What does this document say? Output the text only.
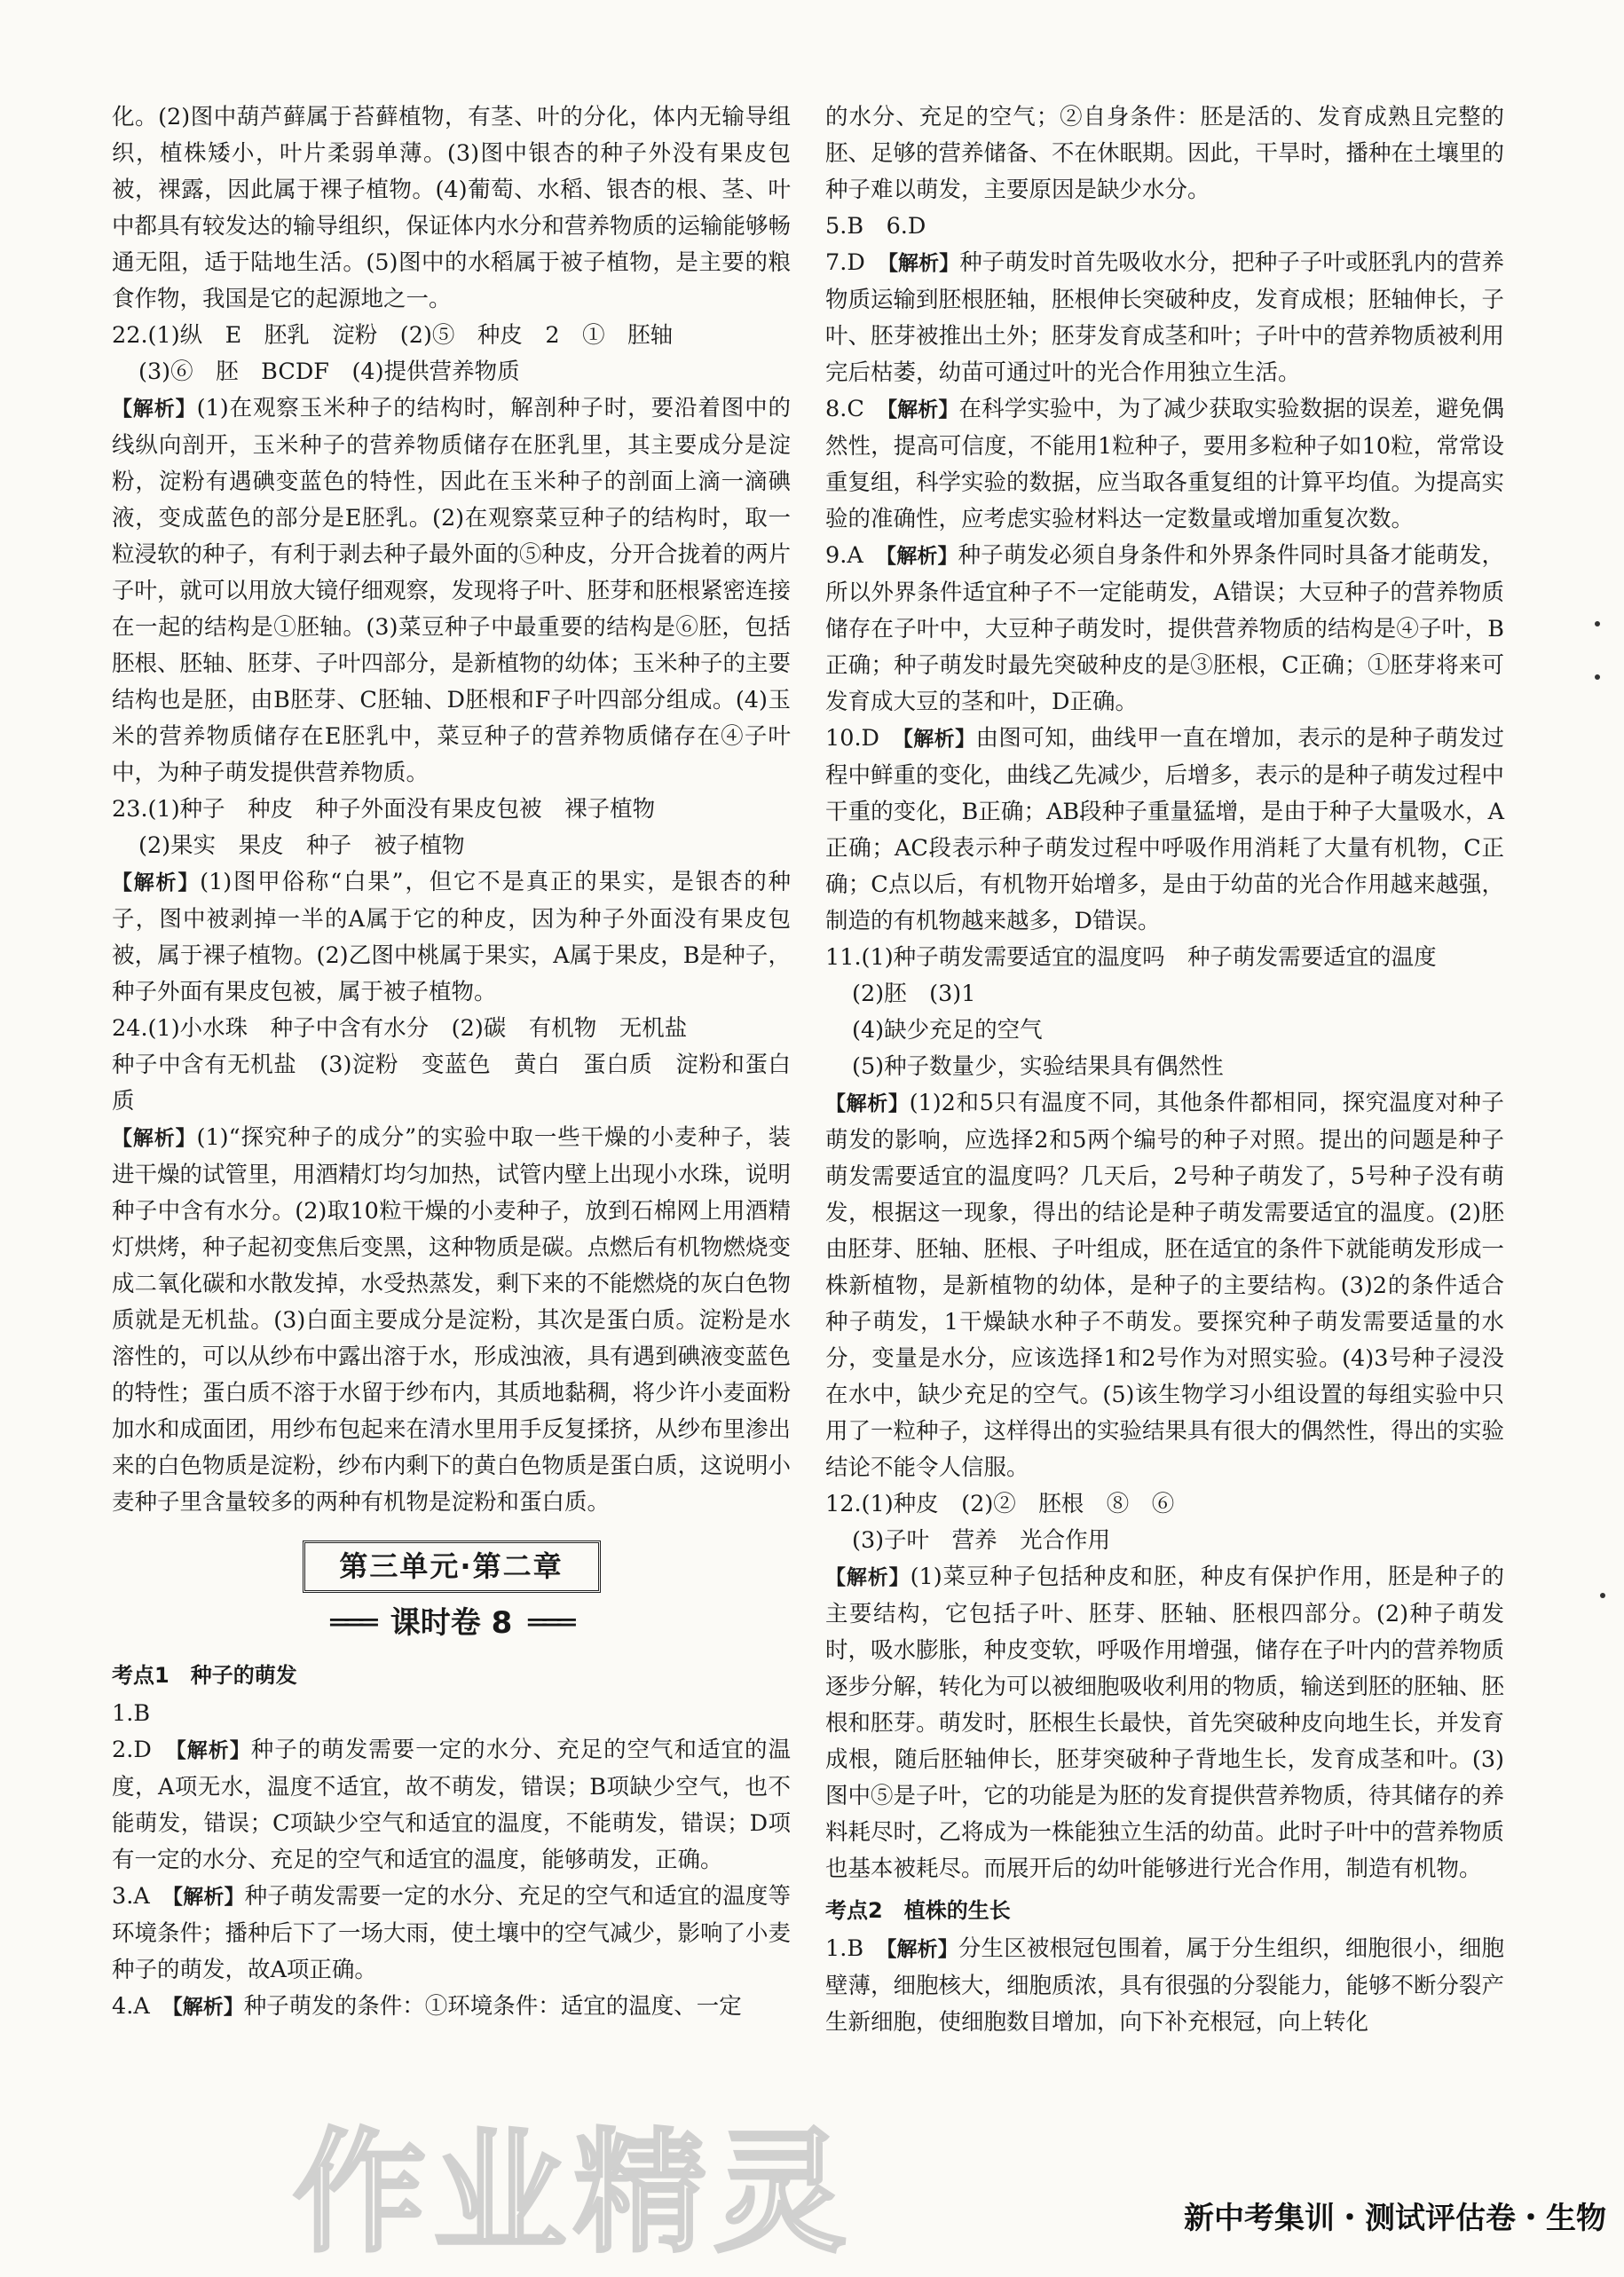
化。(2)图中葫芦藓属于苔藓植物，有茎、叶的分化，体内无输导组织，植株矮小，叶片柔弱单薄。(3)图中银杏的种子外没有果皮包被，裸露，因此属于裸子植物。(4)葡萄、水稻、银杏的根、茎、叶中都具有较发达的输导组织，保证体内水分和营养物质的运输能够畅通无阻，适于陆地生活。(5)图中的水稻属于被子植物，是主要的粮食作物，我国是它的起源地之一。

22.(1)纵　E　胚乳　淀粉　(2)⑤　种皮　2　①　胚轴

(3)⑥　胚　BCDF　(4)提供营养物质

【 解析 】 (1)在观察玉米种子的结构时，解剖种子时，要沿着图中的线纵向剖开，玉米种子的营养物质储存在胚乳里，其主要成分是淀粉，淀粉有遇碘变蓝色的特性，因此在玉米种子的剖面上滴一滴碘液，变成蓝色的部分是E胚乳。(2)在观察菜豆种子的结构时，取一粒浸软的种子，有利于剥去种子最外面的⑤种皮，分开合拢着的两片子叶，就可以用放大镜仔细观察，发现将子叶、胚芽和胚根紧密连接在一起的结构是①胚轴。(3)菜豆种子中最重要的结构是⑥胚，包括胚根、胚轴、胚芽、子叶四部分，是新植物的幼体；玉米种子的主要结构也是胚，由B胚芽、C胚轴、D胚根和F子叶四部分组成。(4)玉米的营养物质储存在E胚乳中，菜豆种子的营养物质储存在④子叶中，为种子萌发提供营养物质。

23.(1)种子　种皮　种子外面没有果皮包被　裸子植物

(2)果实　果皮　种子　被子植物

【 解析 】 (1)图甲俗称“白果”，但它不是真正的果实，是银杏的种子，图中被剥掉一半的A属于它的种皮，因为种子外面没有果皮包被，属于裸子植物。(2)乙图中桃属于果实，A属于果皮，B是种子，种子外面有果皮包被，属于被子植物。

24.(1)小水珠　种子中含有水分　(2)碳　有机物　无机盐

种子中含有无机盐　(3)淀粉　变蓝色　黄白　蛋白质　淀粉和蛋白质

【 解析 】 (1)“探究种子的成分”的实验中取一些干燥的小麦种子，装进干燥的试管里，用酒精灯均匀加热，试管内壁上出现小水珠，说明种子中含有水分。(2)取10粒干燥的小麦种子，放到石棉网上用酒精灯烘烤，种子起初变焦后变黑，这种物质是碳。点燃后有机物燃烧变成二氧化碳和水散发掉，水受热蒸发，剩下来的不能燃烧的灰白色物质就是无机盐。(3)白面主要成分是淀粉，其次是蛋白质。淀粉是水溶性的，可以从纱布中露出溶于水，形成浊液，具有遇到碘液变蓝色的特性；蛋白质不溶于水留于纱布内，其质地黏稠，将少许小麦面粉加水和成面团，用纱布包起来在清水里用手反复揉挤，从纱布里渗出来的白色物质是淀粉，纱布内剩下的黄白色物质是蛋白质，这说明小麦种子里含量较多的两种有机物是淀粉和蛋白质。

第三单元·第二章
═══ 课时卷 8 ═══
考点1　种子的萌发

1.B

2.D　 【 解析 】 种子的萌发需要一定的水分、充足的空气和适宜的温度，A项无水，温度不适宜，故不萌发，错误；B项缺少空气，也不能萌发，错误；C项缺少空气和适宜的温度，不能萌发，错误；D项有一定的水分、充足的空气和适宜的温度，能够萌发，正确。

3.A　 【 解析 】 种子萌发需要一定的水分、充足的空气和适宜的温度等环境条件；播种后下了一场大雨，使土壤中的空气减少，影响了小麦种子的萌发，故A项正确。

4.A　 【 解析 】 种子萌发的条件：①环境条件：适宜的温度、一定

的水分、充足的空气；②自身条件：胚是活的、发育成熟且完整的胚、足够的营养储备、不在休眠期。因此，干旱时，播种在土壤里的种子难以萌发，主要原因是缺少水分。

5.B　6.D

7.D　 【 解析 】 种子萌发时首先吸收水分，把种子子叶或胚乳内的营养物质运输到胚根胚轴，胚根伸长突破种皮，发育成根；胚轴伸长，子叶、胚芽被推出土外；胚芽发育成茎和叶；子叶中的营养物质被利用完后枯萎，幼苗可通过叶的光合作用独立生活。

8.C　 【 解析 】 在科学实验中，为了减少获取实验数据的误差，避免偶然性，提高可信度，不能用1粒种子，要用多粒种子如10粒，常常设重复组，科学实验的数据，应当取各重复组的计算平均值。为提高实验的准确性，应考虑实验材料达一定数量或增加重复次数。

9.A　 【 解析 】 种子萌发必须自身条件和外界条件同时具备才能萌发，所以外界条件适宜种子不一定能萌发，A错误；大豆种子的营养物质储存在子叶中，大豆种子萌发时，提供营养物质的结构是④子叶，B正确；种子萌发时最先突破种皮的是③胚根，C正确；①胚芽将来可发育成大豆的茎和叶，D正确。

10.D　 【 解析 】 由图可知，曲线甲一直在增加，表示的是种子萌发过程中鲜重的变化，曲线乙先减少，后增多，表示的是种子萌发过程中干重的变化，B正确；AB段种子重量猛增，是由于种子大量吸水，A正确；AC段表示种子萌发过程中呼吸作用消耗了大量有机物，C正确；C点以后，有机物开始增多，是由于幼苗的光合作用越来越强，制造的有机物越来越多，D错误。

11.(1)种子萌发需要适宜的温度吗　种子萌发需要适宜的温度

(2)胚　(3)1

(4)缺少充足的空气

(5)种子数量少，实验结果具有偶然性

【 解析 】 (1)2和5只有温度不同，其他条件都相同，探究温度对种子萌发的影响，应选择2和5两个编号的种子对照。提出的问题是种子萌发需要适宜的温度吗？几天后，2号种子萌发了，5号种子没有萌发，根据这一现象，得出的结论是种子萌发需要适宜的温度。(2)胚由胚芽、胚轴、胚根、子叶组成，胚在适宜的条件下就能萌发形成一株新植物，是新植物的幼体，是种子的主要结构。(3)2的条件适合种子萌发，1干燥缺水种子不萌发。要探究种子萌发需要适量的水分，变量是水分，应该选择1和2号作为对照实验。(4)3号种子浸没在水中，缺少充足的空气。(5)该生物学习小组设置的每组实验中只用了一粒种子，这样得出的实验结果具有很大的偶然性，得出的实验结论不能令人信服。

12.(1)种皮　(2)②　胚根　⑧　⑥

(3)子叶　营养　光合作用

【 解析 】 (1)菜豆种子包括种皮和胚，种皮有保护作用，胚是种子的主要结构，它包括子叶、胚芽、胚轴、胚根四部分。(2)种子萌发时，吸水膨胀，种皮变软，呼吸作用增强，储存在子叶内的营养物质逐步分解，转化为可以被细胞吸收利用的物质，输送到胚的胚轴、胚根和胚芽。萌发时，胚根生长最快，首先突破种皮向地生长，并发育成根，随后胚轴伸长，胚芽突破种子背地生长，发育成茎和叶。(3)图中⑤是子叶，它的功能是为胚的发育提供营养物质，待其储存的养料耗尽时，乙将成为一株能独立生活的幼苗。此时子叶中的营养物质也基本被耗尽。而展开后的幼叶能够进行光合作用，制造有机物。

考点2　植株的生长

1.B　 【 解析 】 分生区被根冠包围着，属于分生组织，细胞很小，细胞壁薄，细胞核大，细胞质浓，具有很强的分裂能力，能够不断分裂产生新细胞，使细胞数目增加，向下补充根冠，向上转化

作业精灵	新中考集训・测试评估卷・生物
